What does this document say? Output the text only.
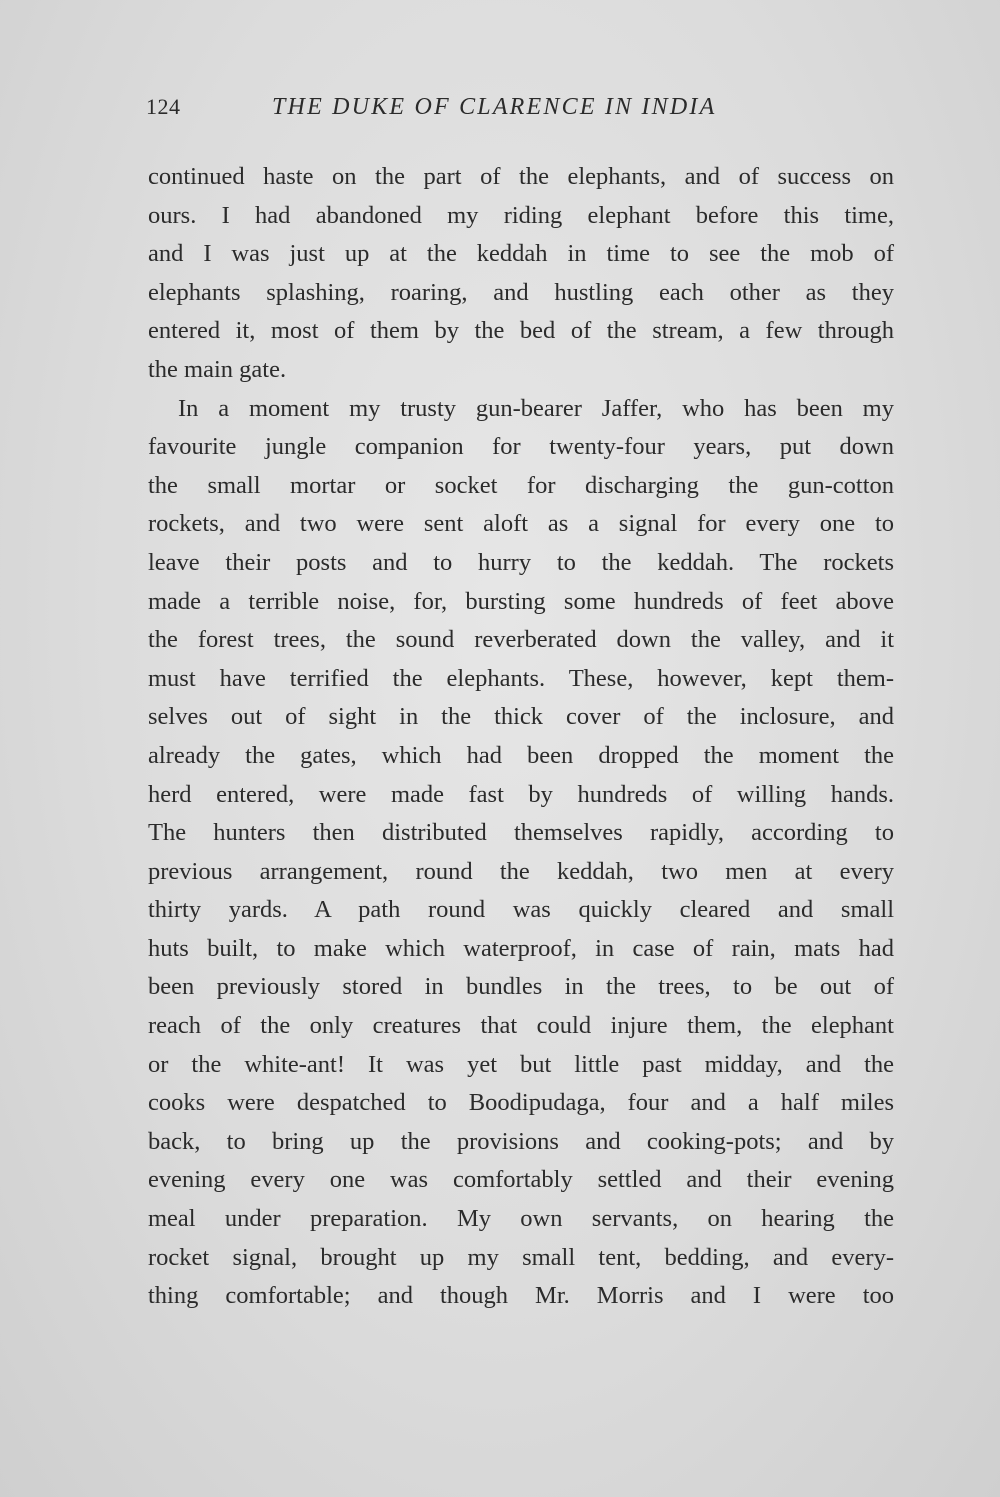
124	THE DUKE OF CLARENCE IN INDIA
continued haste on the part of the elephants, and of success on
ours. I had abandoned my riding elephant before this time,
and I was just up at the keddah in time to see the mob of
elephants splashing, roaring, and hustling each other as they
entered it, most of them by the bed of the stream, a few through
the main gate.
In a moment my trusty gun-bearer Jaffer, who has been my
favourite jungle companion for twenty-four years, put down
the small mortar or socket for discharging the gun-cotton
rockets, and two were sent aloft as a signal for every one to
leave their posts and to hurry to the keddah. The rockets
made a terrible noise, for, bursting some hundreds of feet above
the forest trees, the sound reverberated down the valley, and it
must have terrified the elephants. These, however, kept them-
selves out of sight in the thick cover of the inclosure, and
already the gates, which had been dropped the moment the
herd entered, were made fast by hundreds of willing hands.
The hunters then distributed themselves rapidly, according to
previous arrangement, round the keddah, two men at every
thirty yards. A path round was quickly cleared and small
huts built, to make which waterproof, in case of rain, mats had
been previously stored in bundles in the trees, to be out of
reach of the only creatures that could injure them, the elephant
or the white-ant! It was yet but little past midday, and the
cooks were despatched to Boodipudaga, four and a half miles
back, to bring up the provisions and cooking-pots; and by
evening every one was comfortably settled and their evening
meal under preparation. My own servants, on hearing the
rocket signal, brought up my small tent, bedding, and every-
thing comfortable; and though Mr. Morris and I were too
